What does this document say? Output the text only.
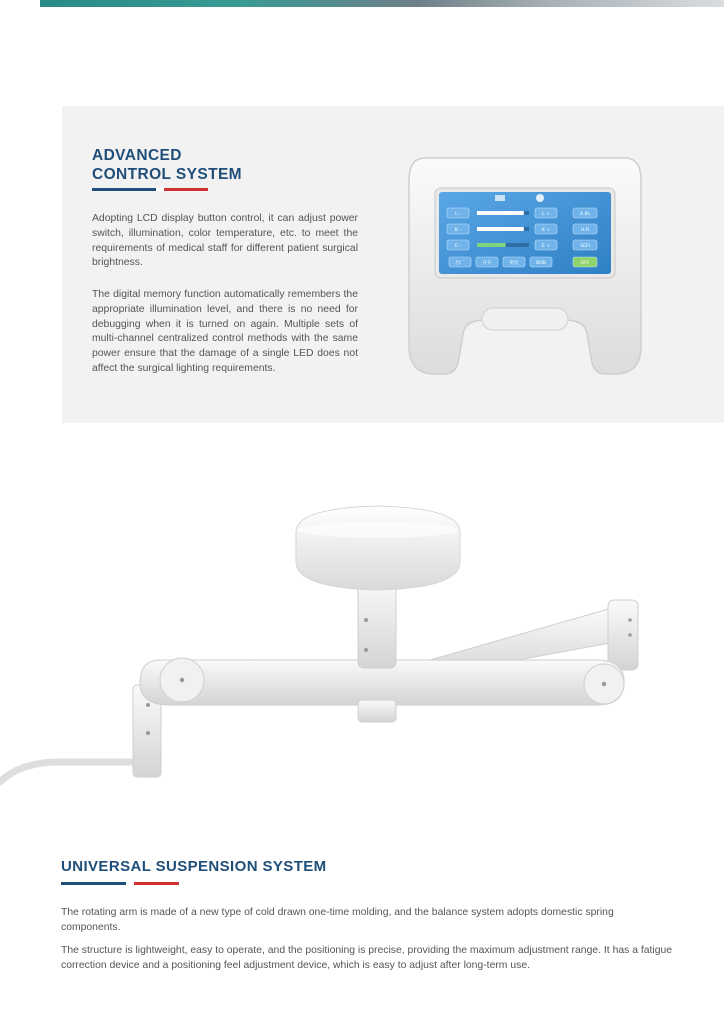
ADVANCED
CONTROL SYSTEM

Adopting LCD display button control, it can adjust power switch, illumination, color temperature, etc. to meet the requirements of medical staff for different patient surgical brightness.

The digital memory function automatically remembers the appropriate illumination level, and there is no need for debugging when it is turned on again. Multiple sets of multi-channel centralized control methods with the same power ensure that the damage of a single LED does not affect the surgical lighting requirements.

L -	L +	A 8L
K -	K +	H.FI
E -	E +	SEFI
出厂	开关	照度	BOB	OFF
UNIVERSAL SUSPENSION SYSTEM

The rotating arm is made of a new type of cold drawn one-time molding, and the balance system adopts domestic spring components.

The structure is lightweight, easy to operate, and the positioning is precise, providing the maximum adjustment range. It has a fatigue correction device and a positioning feel adjustment device, which is easy to adjust after long-term use.
